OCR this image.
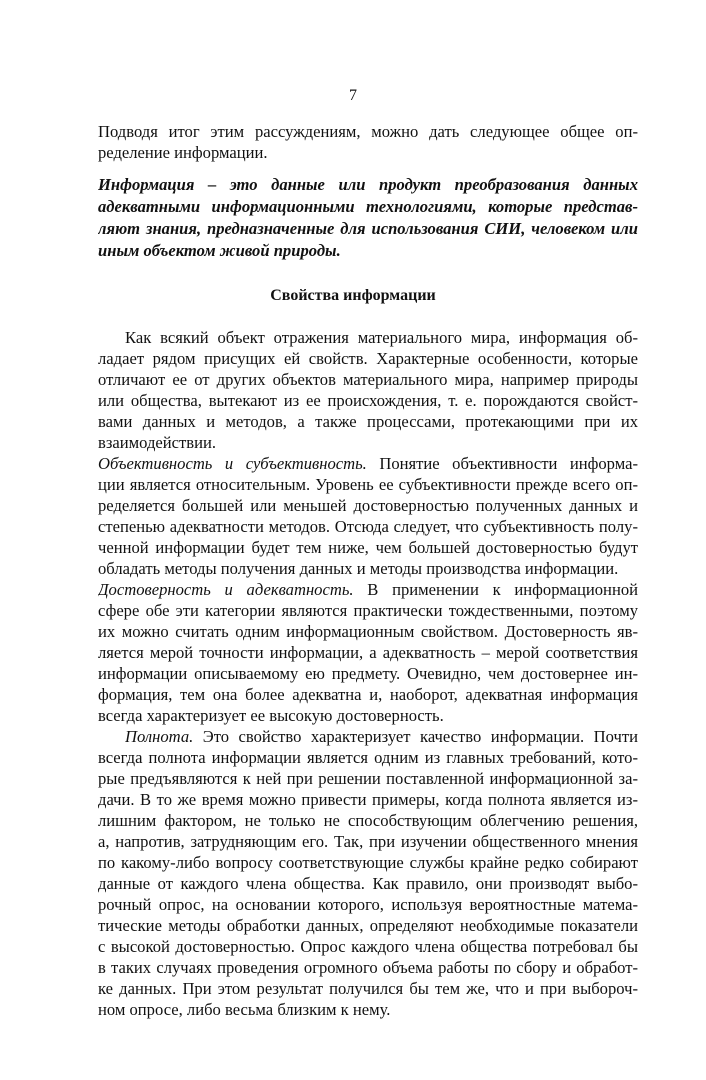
7
Подводя итог этим рассуждениям, можно дать следующее общее оп-
ределение информации.
Информация – это данные или продукт преобразования данных
адекватными информационными технологиями, которые представ-
ляют знания, предназначенные для использования СИИ, человеком или
иным объектом живой природы.
Свойства информации
Как всякий объект отражения материального мира, информация об-
ладает рядом присущих ей свойств. Характерные особенности, которые
отличают ее от других объектов материального мира, например природы
или общества, вытекают из ее происхождения, т. е. порождаются свойст-
вами данных и методов, а также процессами, протекающими при их
взаимодействии.
Объективность и субъективность. Понятие объективности информа-
ции является относительным. Уровень ее субъективности прежде всего оп-
ределяется большей или меньшей достоверностью полученных данных и
степенью адекватности методов. Отсюда следует, что субъективность полу-
ченной информации будет тем ниже, чем большей достоверностью будут
обладать методы получения данных и методы производства информации.
Достоверность и адекватность. В применении к информационной
сфере обе эти категории являются практически тождественными, поэтому
их можно считать одним информационным свойством. Достоверность яв-
ляется мерой точности информации, а адекватность – мерой соответствия
информации описываемому ею предмету. Очевидно, чем достовернее ин-
формация, тем она более адекватна и, наоборот, адекватная информация
всегда характеризует ее высокую достоверность.
Полнота. Это свойство характеризует качество информации. Почти
всегда полнота информации является одним из главных требований, кото-
рые предъявляются к ней при решении поставленной информационной за-
дачи. В то же время можно привести примеры, когда полнота является из-
лишним фактором, не только не способствующим облегчению решения,
а, напротив, затрудняющим его. Так, при изучении общественного мнения
по какому-либо вопросу соответствующие службы крайне редко собирают
данные от каждого члена общества. Как правило, они производят выбо-
рочный опрос, на основании которого, используя вероятностные матема-
тические методы обработки данных, определяют необходимые показатели
с высокой достоверностью. Опрос каждого члена общества потребовал бы
в таких случаях проведения огромного объема работы по сбору и обработ-
ке данных. При этом результат получился бы тем же, что и при выбороч-
ном опросе, либо весьма близким к нему.
